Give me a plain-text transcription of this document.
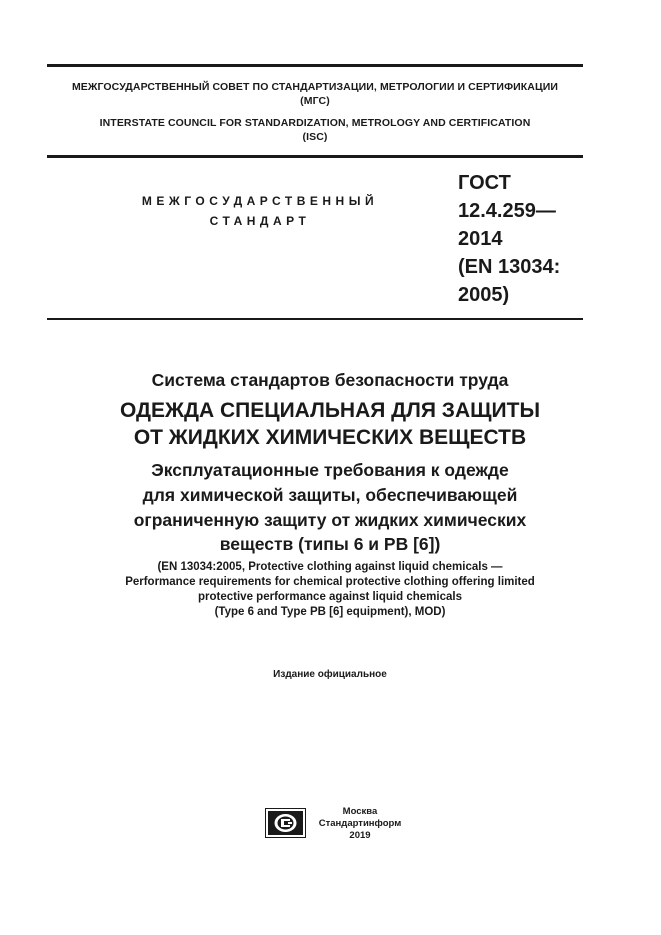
МЕЖГОСУДАРСТВЕННЫЙ СОВЕТ ПО СТАНДАРТИЗАЦИИ, МЕТРОЛОГИИ И СЕРТИФИКАЦИИ
(МГС)
INTERSTATE COUNCIL FOR STANDARDIZATION, METROLOGY AND CERTIFICATION
(ISC)
МЕЖГОСУДАРСТВЕННЫЙ
СТАНДАРТ
ГОСТ
12.4.259—
2014
(EN 13034:
2005)
Система стандартов безопасности труда
ОДЕЖДА СПЕЦИАЛЬНАЯ ДЛЯ ЗАЩИТЫ
ОТ ЖИДКИХ ХИМИЧЕСКИХ ВЕЩЕСТВ
Эксплуатационные требования к одежде
для химической защиты, обеспечивающей
ограниченную защиту от жидких химических
веществ (типы 6 и РВ [6])
(EN 13034:2005, Protective clothing against liquid chemicals —
Performance requirements for chemical protective clothing offering limited
protective performance against liquid chemicals
(Type 6 and Type PB [6] equipment), MOD)
Издание официальное
Москва
Стандартинформ
2019
